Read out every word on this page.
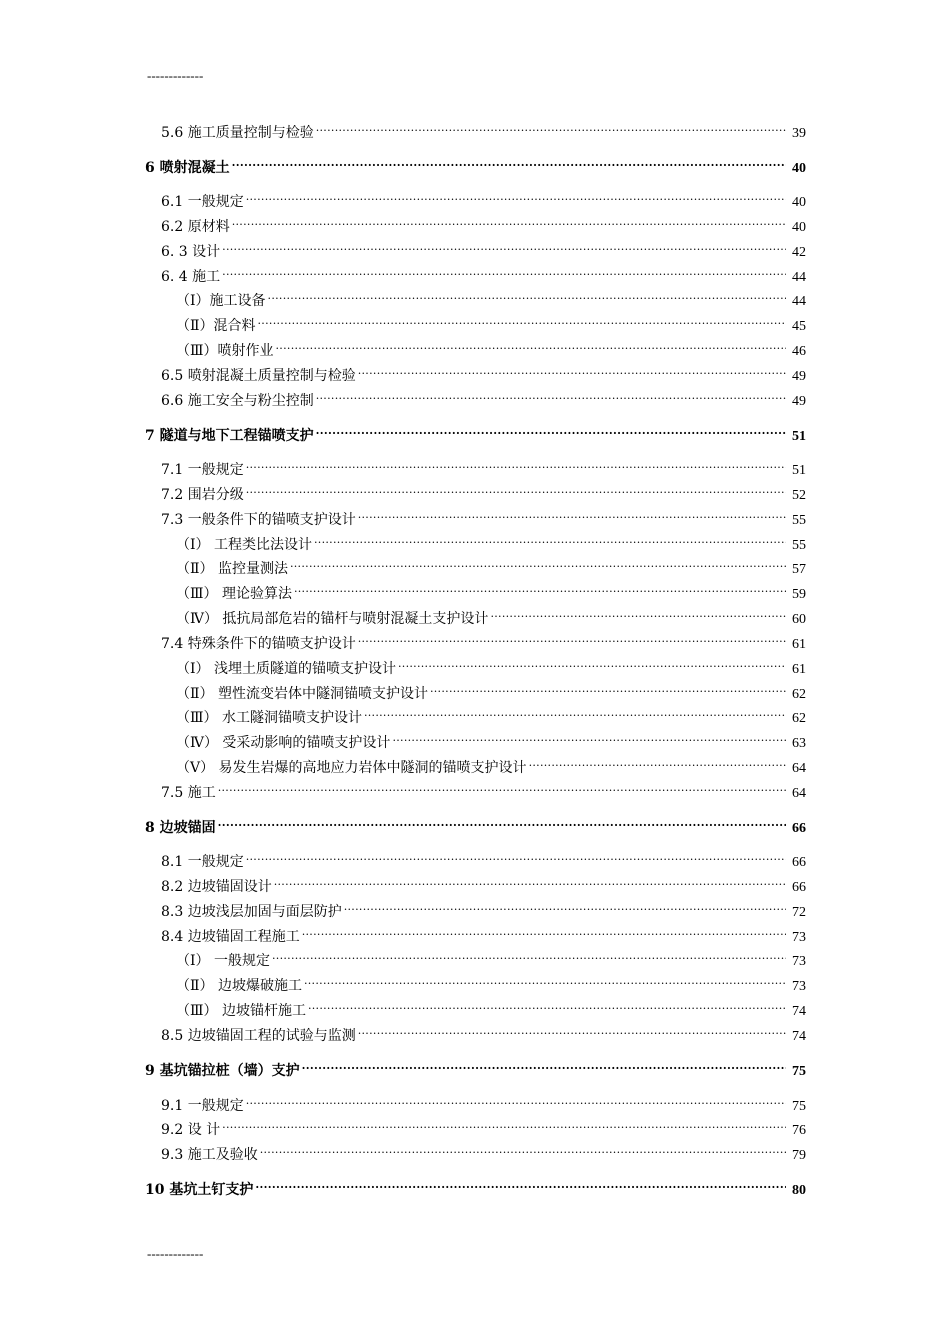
-------------
5.6 施工质量控制与检验 .....	39
6 喷射混凝土 .....	40
6.1 一般规定 .....	40
6.2 原材料 .....	40
6. 3 设计 .....	42
6. 4 施工 .....	44
（Ⅰ）施工设备 .....	44
（Ⅱ）混合料 .....	45
（Ⅲ）喷射作业 .....	46
6.5 喷射混凝土质量控制与检验 .....	49
6.6 施工安全与粉尘控制 .....	49
7 隧道与地下工程锚喷支护 .....	51
7.1 一般规定 .....	51
7.2 围岩分级 .....	52
7.3 一般条件下的锚喷支护设计 .....	55
（Ⅰ） 工程类比法设计 .....	55
（Ⅱ） 监控量测法 .....	57
（Ⅲ） 理论验算法 .....	59
（Ⅳ） 抵抗局部危岩的锚杆与喷射混凝土支护设计 .....	60
7.4 特殊条件下的锚喷支护设计 .....	61
（Ⅰ） 浅埋土质隧道的锚喷支护设计 .....	61
（Ⅱ） 塑性流变岩体中隧洞锚喷支护设计 .....	62
（Ⅲ） 水工隧洞锚喷支护设计 .....	62
（Ⅳ） 受采动影响的锚喷支护设计 .....	63
（Ⅴ） 易发生岩爆的高地应力岩体中隧洞的锚喷支护设计 .....	64
7.5 施工 .....	64
8 边坡锚固 .....	66
8.1 一般规定 .....	66
8.2 边坡锚固设计 .....	66
8.3 边坡浅层加固与面层防护 .....	72
8.4 边坡锚固工程施工 .....	73
（Ⅰ） 一般规定 .....	73
（Ⅱ） 边坡爆破施工 .....	73
（Ⅲ） 边坡锚杆施工 .....	74
8.5 边坡锚固工程的试验与监测 .....	74
9 基坑锚拉桩（墙）支护 .....	75
9.1 一般规定 .....	75
9.2 设 计 .....	76
9.3 施工及验收 .....	79
10 基坑土钉支护 .....	80
-------------
